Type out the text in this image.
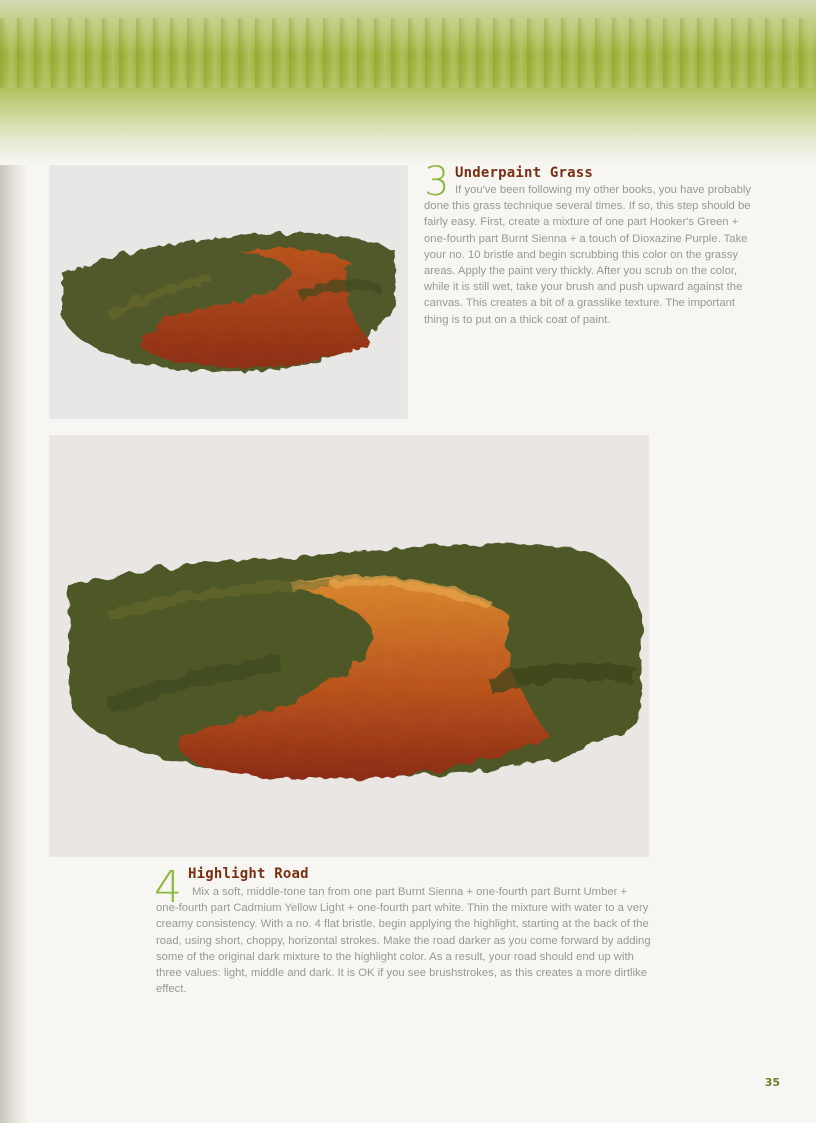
3 Underpaint Grass

If you've been following my other books, you have probably done this grass technique several times. If so, this step should be fairly easy. First, create a mixture of one part Hooker's Green + one-fourth part Burnt Sienna + a touch of Dioxazine Purple. Take your no. 10 bristle and begin scrubbing this color on the grassy areas. Apply the paint very thickly. After you scrub on the color, while it is still wet, take your brush and push upward against the canvas. This creates a bit of a grasslike texture. The important thing is to put on a thick coat of paint.

4 Highlight Road

Mix a soft, middle-tone tan from one part Burnt Sienna + one-fourth part Burnt Umber + one-fourth part Cadmium Yellow Light + one-fourth part white. Thin the mixture with water to a very creamy consistency. With a no. 4 flat bristle, begin applying the highlight, starting at the back of the road, using short, choppy, horizontal strokes. Make the road darker as you come forward by adding some of the original dark mixture to the highlight color. As a result, your road should end up with three values: light, middle and dark. It is OK if you see brushstrokes, as this creates a more dirtlike effect.

35
